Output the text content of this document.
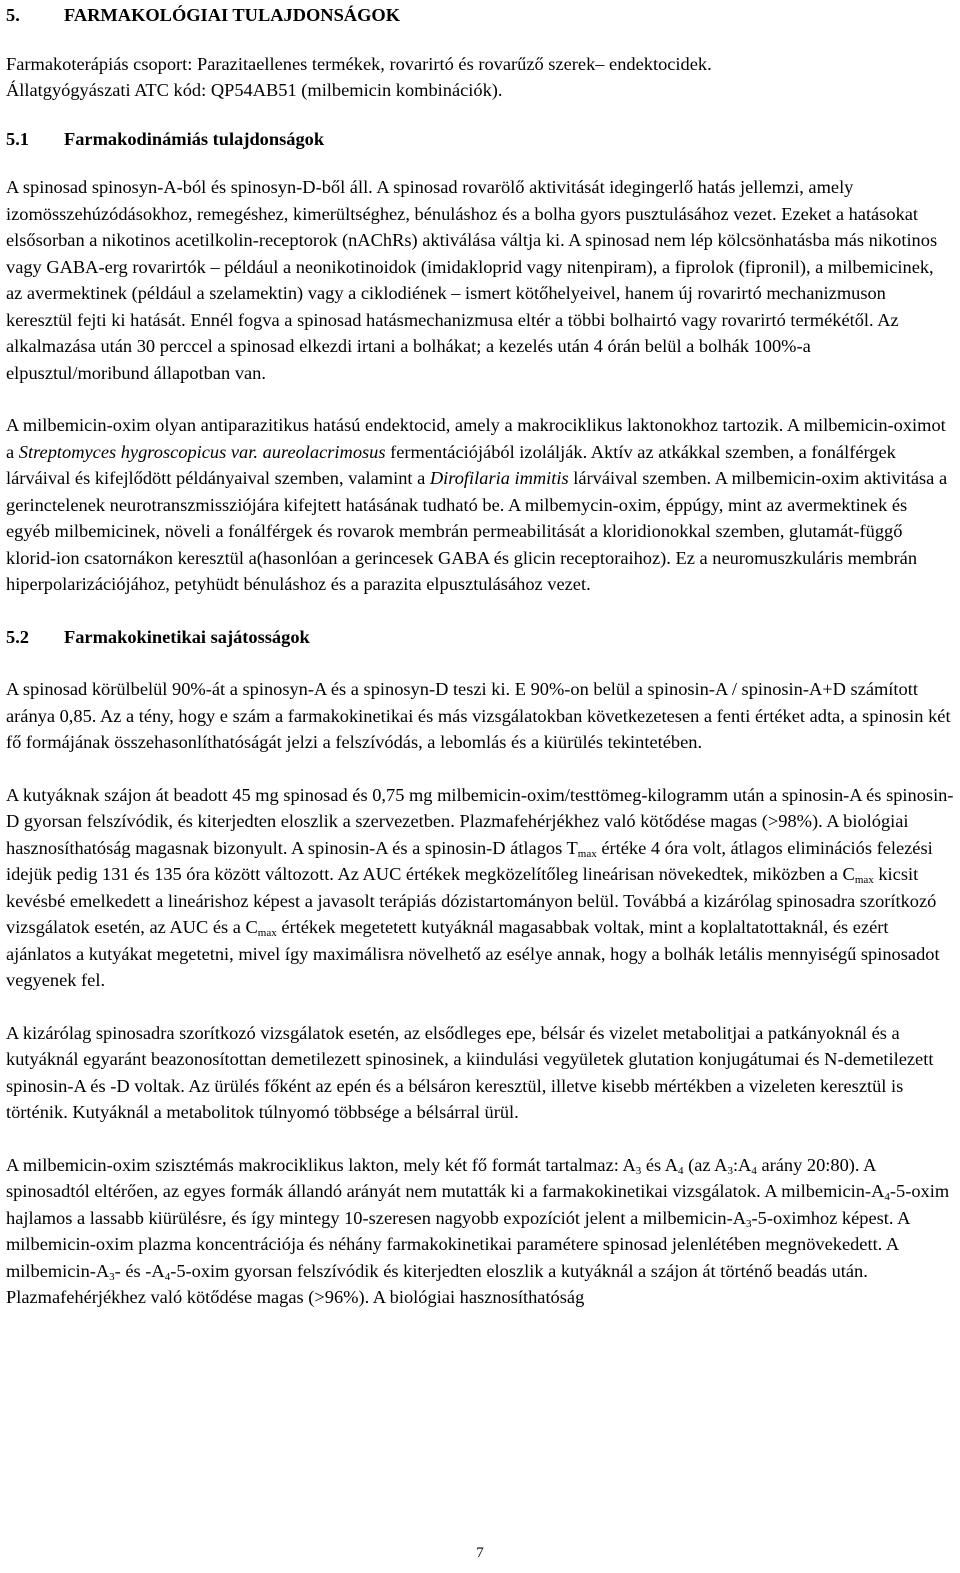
5. FARMAKOLÓGIAI TULAJDONSÁGOK

Farmakoterápiás csoport: Parazitaellenes termékek, rovarirtó és rovarűző szerek– endektocidek.
Állatgyógyászati ATC kód: QP54AB51 (milbemicin kombinációk).

5.1 Farmakodinámiás tulajdonságok

A spinosad spinosyn-A-ból és spinosyn-D-ből áll. A spinosad rovarölő aktivitását idegingerlő hatás jellemzi, amely izomösszehúzódásokhoz, remegéshez, kimerültséghez, bénuláshoz és a bolha gyors pusztulásához vezet. Ezeket a hatásokat elsősorban a nikotinos acetilkolin-receptorok (nAChRs) aktiválása váltja ki. A spinosad nem lép kölcsönhatásba más nikotinos vagy GABA-erg rovarirtók – például a neonikotinoidok (imidakloprid vagy nitenpiram), a fiprolok (fipronil), a milbemicinek, az avermektinek (például a szelamektin) vagy a ciklodiének – ismert kötőhelyeivel, hanem új rovarirtó mechanizmuson keresztül fejti ki hatását. Ennél fogva a spinosad hatásmechanizmusa eltér a többi bolhairtó vagy rovarirtó termékétől. Az alkalmazása után 30 perccel a spinosad elkezdi irtani a bolhákat; a kezelés után 4 órán belül a bolhák 100%-a elpusztul/moribund állapotban van.

A milbemicin-oxim olyan antiparazitikus hatású endektocid, amely a makrociklikus laktonokhoz tartozik. A milbemicin-oximot a Streptomyces hygroscopicus var. aureolacrimosus fermentációjából izolálják. Aktív az atkákkal szemben, a fonálférgek lárváival és kifejlődött példányaival szemben, valamint a Dirofilaria immitis lárváival szemben. A milbemicin-oxim aktivitása a gerinctelenek neurotranszmissziójára kifejtett hatásának tudható be. A milbemycin-oxim, éppúgy, mint az avermektinek és egyéb milbemicinek, növeli a fonálférgek és rovarok membrán permeabilitását a kloridionokkal szemben, glutamát-függő klorid-ion csatornákon keresztül a(hasonlóan a gerincesek GABA és glicin receptoraihoz). Ez a neuromuszkuláris membrán hiperpolarizációjához, petyhüdt bénuláshoz és a parazita elpusztulásához vezet.

5.2 Farmakokinetikai sajátosságok

A spinosad körülbelül 90%-át a spinosyn-A és a spinosyn-D teszi ki. E 90%-on belül a spinosin-A / spinosin-A+D számított aránya 0,85. Az a tény, hogy e szám a farmakokinetikai és más vizsgálatokban következetesen a fenti értéket adta, a spinosin két fő formájának összehasonlíthatóságát jelzi a felszívódás, a lebomlás és a kiürülés tekintetében.

A kutyáknak szájon át beadott 45 mg spinosad és 0,75 mg milbemicin-oxim/testtömeg-kilogramm után a spinosin-A és spinosin-D gyorsan felszívódik, és kiterjedten eloszlik a szervezetben. Plazmafehérjékhez való kötődése magas (>98%). A biológiai hasznosíthatóság magasnak bizonyult. A spinosin-A és a spinosin-D átlagos $T_{max}$ értéke 4 óra volt, átlagos eliminációs felezési idejük pedig 131 és 135 óra között változott. Az AUC értékek megközelítőleg lineárisan növekedtek, miközben a $C_{max}$ kicsit kevésbé emelkedett a lineárishoz képest a javasolt terápiás dózistartományon belül. Továbbá a kizárólag spinosadra szorítkozó vizsgálatok esetén, az AUC és a $C_{max}$ értékek megetetett kutyáknál magasabbak voltak, mint a koplaltatottaknál, és ezért ajánlatos a kutyákat megetetni, mivel így maximálisra növelhető az esélye annak, hogy a bolhák letális mennyiségű spinosadot vegyenek fel.

A kizárólag spinosadra szorítkozó vizsgálatok esetén, az elsődleges epe, bélsár és vizelet metabolitjai a patkányoknál és a kutyáknál egyaránt beazonosítottan demetilezett spinosinek, a kiindulási vegyületek glutation konjugátumai és N-demetilezett spinosin-A és -D voltak. Az ürülés főként az epén és a bélsáron keresztül, illetve kisebb mértékben a vizeleten keresztül is történik. Kutyáknál a metabolitok túlnyomó többsége a bélsárral ürül.

A milbemicin-oxim szisztémás makrociklikus lakton, mely két fő formát tartalmaz: $A_3$ és $A_4$ (az $A_3:A_4$ arány 20:80). A spinosadtól eltérően, az egyes formák állandó arányát nem mutatták ki a farmakokinetikai vizsgálatok. A milbemicin-$A_4-5$-oxim hajlamos a lassabb kiürülésre, és így mintegy 10-szeresen nagyobb expozíciót jelent a milbemicin-$A_3-5$-oximhoz képest. A milbemicin-oxim plazma koncentrációja és néhány farmakokinetikai paramétere spinosad jelenlétében megnövekedett. A milbemicin-$A_3-$ és $-A_4-5$-oxim gyorsan felszívódik és kiterjedten eloszlik a kutyáknál a szájon át történő beadás után. Plazmafehérjékhez való kötődése magas (>96%). A biológiai hasznosíthatóság

7
